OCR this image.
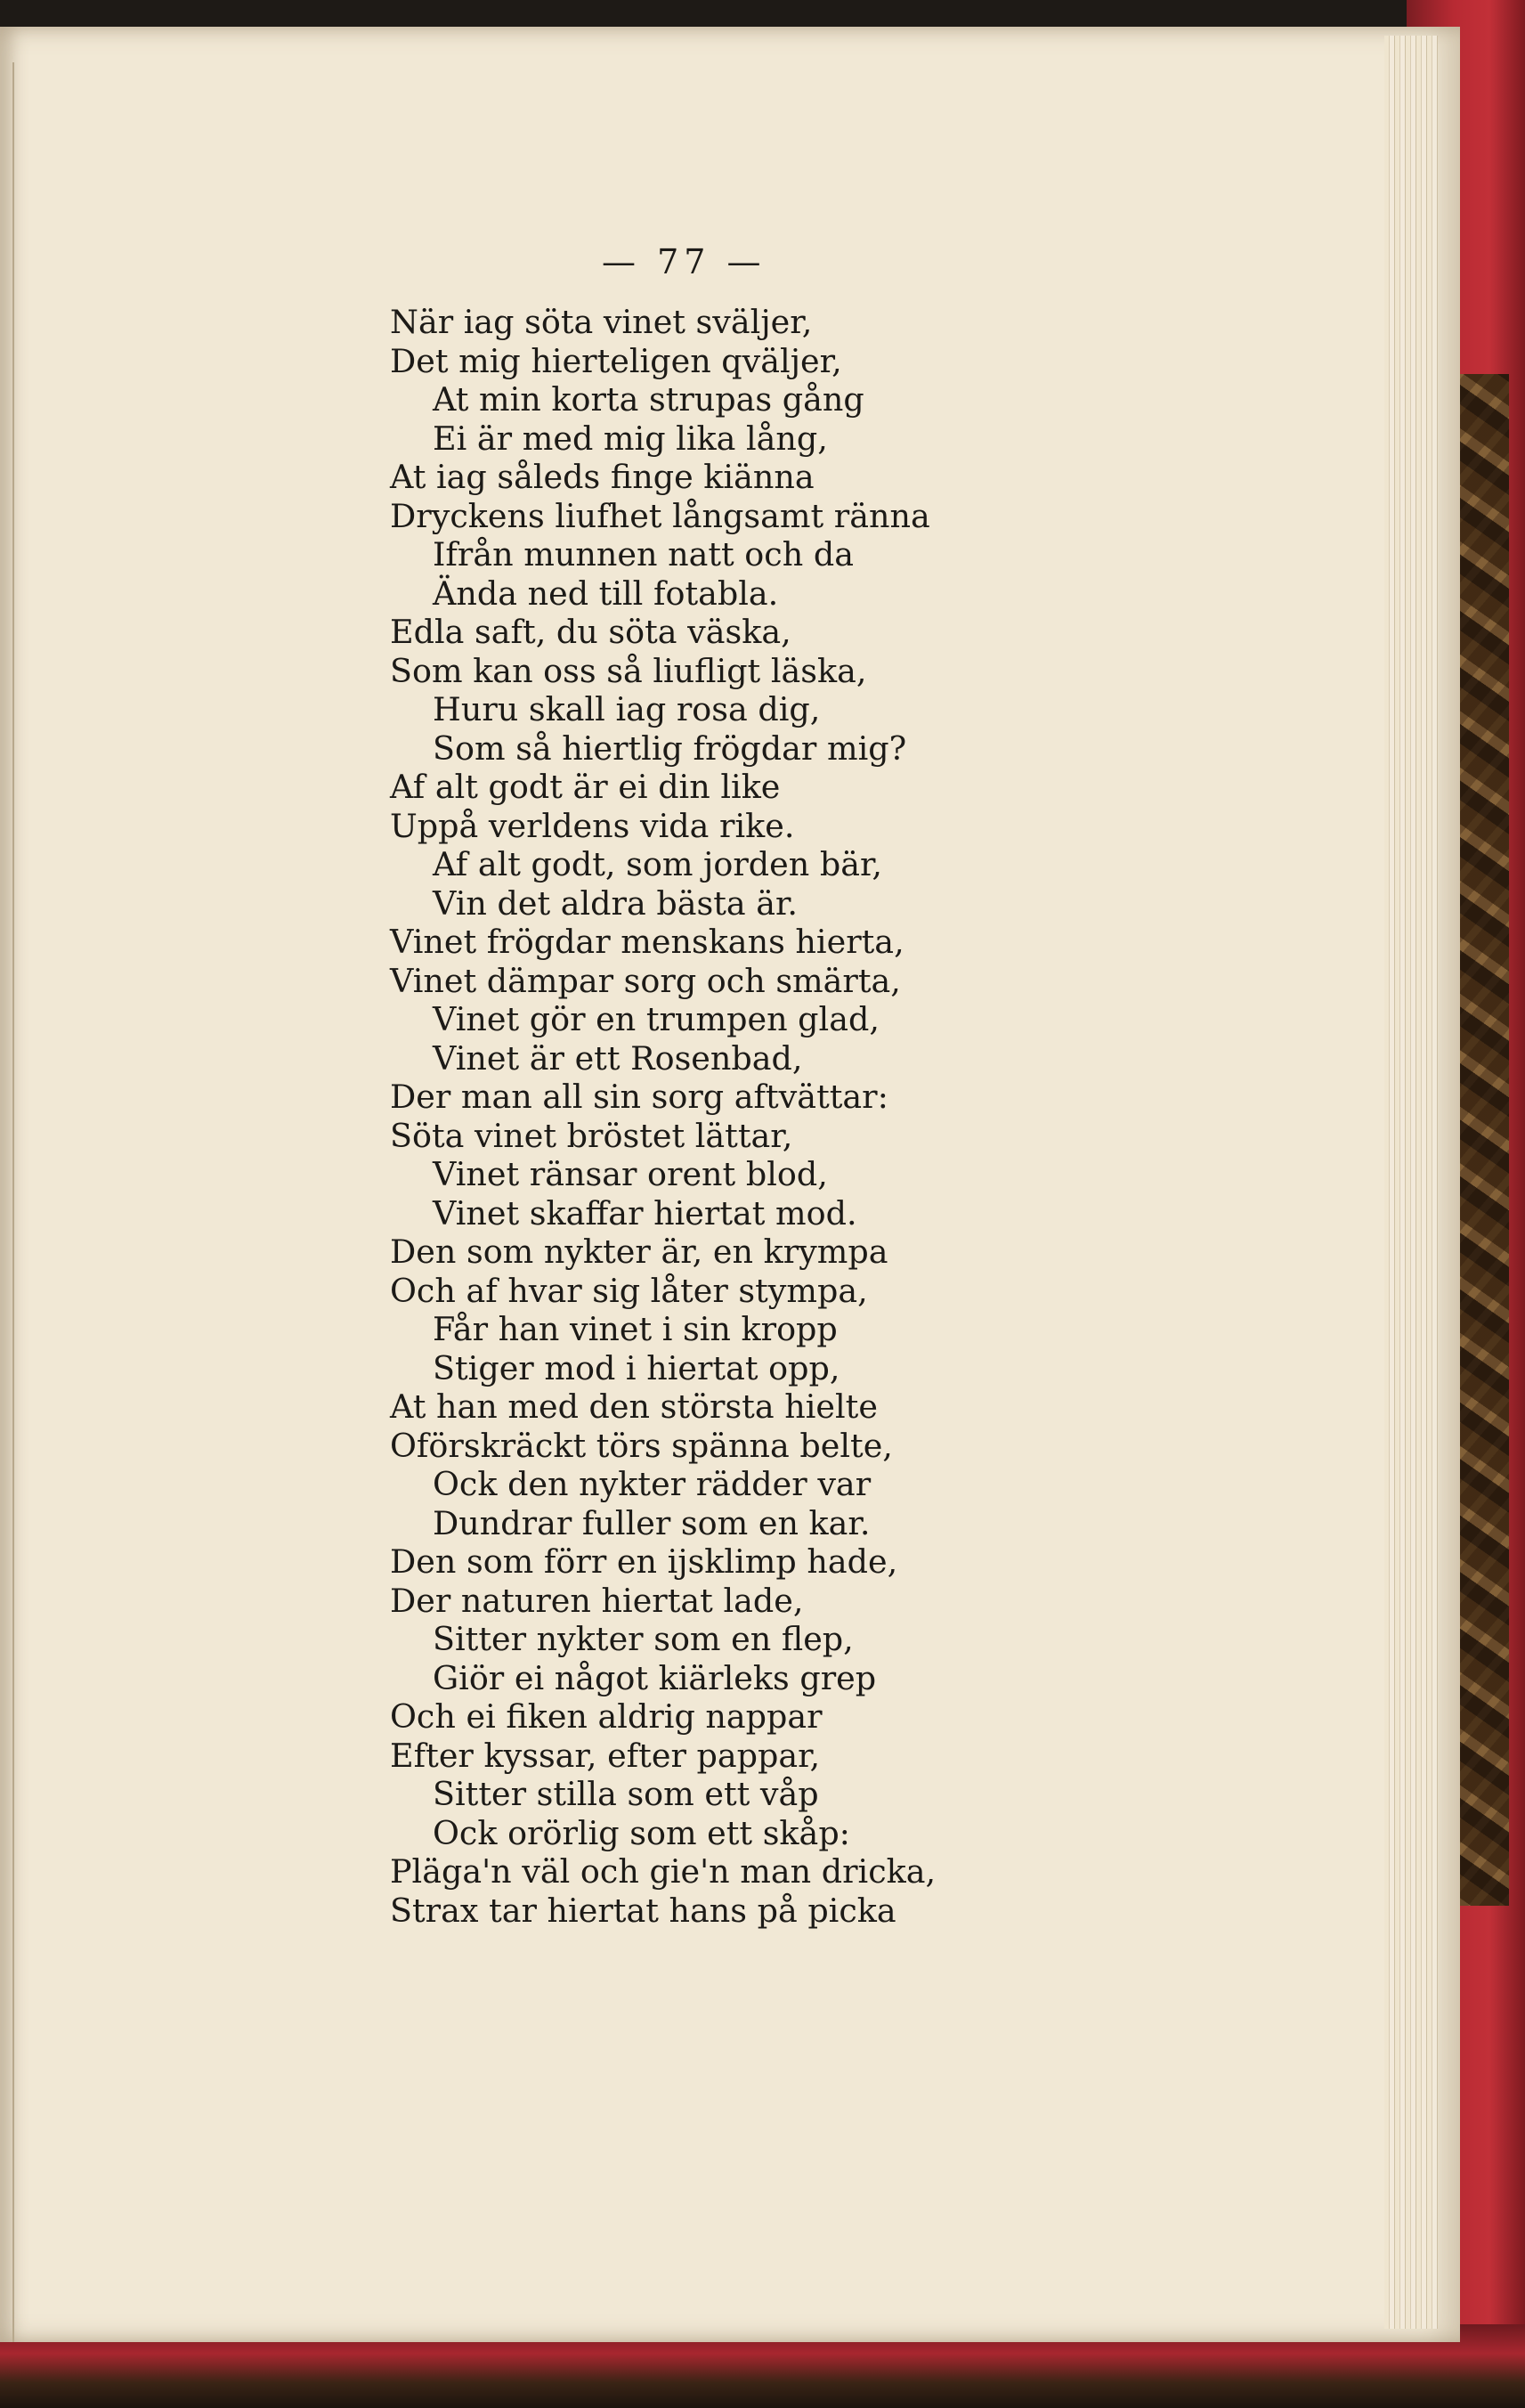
— 77 —
När iag söta vinet sväljer,
Det mig hierteligen qväljer,
At min korta strupas gång
Ei är med mig lika lång,
At iag såleds finge kiänna
Dryckens liufhet långsamt ränna
Ifrån munnen natt och da
Ända ned till fotabla.
Edla saft, du söta väska,
Som kan oss så liufligt läska,
Huru skall iag rosa dig,
Som så hiertlig frögdar mig?
Af alt godt är ei din like
Uppå verldens vida rike.
Af alt godt, som jorden bär,
Vin det aldra bästa är.
Vinet frögdar menskans hierta,
Vinet dämpar sorg och smärta,
Vinet gör en trumpen glad,
Vinet är ett Rosenbad,
Der man all sin sorg aftvättar:
Söta vinet bröstet lättar,
Vinet ränsar orent blod,
Vinet skaffar hiertat mod.
Den som nykter är, en krympa
Och af hvar sig låter stympa,
Får han vinet i sin kropp
Stiger mod i hiertat opp,
At han med den största hielte
Oförskräckt törs spänna belte,
Ock den nykter rädder var
Dundrar fuller som en kar.
Den som förr en ijsklimp hade,
Der naturen hiertat lade,
Sitter nykter som en flep,
Giör ei något kiärleks grep
Och ei fiken aldrig nappar
Efter kyssar, efter pappar,
Sitter stilla som ett våp
Ock orörlig som ett skåp:
Pläga'n väl och gie'n man dricka,
Strax tar hiertat hans på picka
